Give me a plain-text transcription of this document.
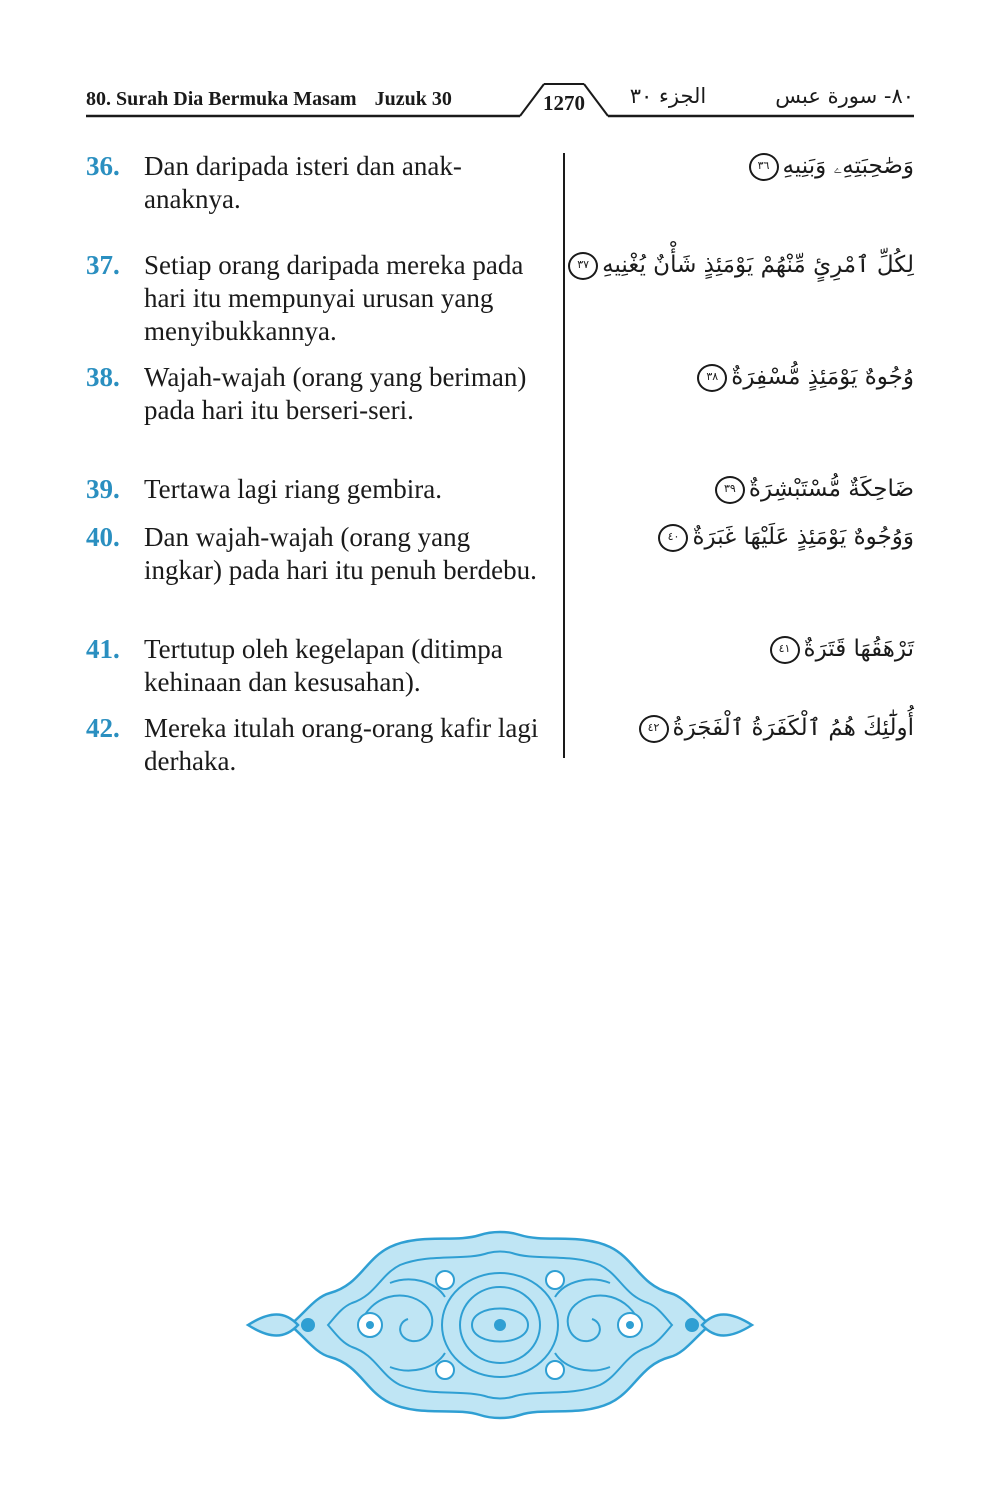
80. Surah Dia Bermuka Masam Juzuk 30	1270	الجزء ٣٠	٨٠- سورة عبس
36. Dan daripada isteri dan anak-anaknya.
وَصَٰحِبَتِهِۦ وَبَنِيهِ٣٦
37. Setiap orang daripada mereka pada hari itu mempunyai urusan yang menyibukkannya.
لِكُلِّ ٱمْرِئٍ مِّنْهُمْ يَوْمَئِذٍ شَأْنٌ يُغْنِيهِ٣٧
38. Wajah-wajah (orang yang beriman) pada hari itu berseri-seri.
وُجُوهٌ يَوْمَئِذٍ مُّسْفِرَةٌ٣٨
39. Tertawa lagi riang gembira.	ضَاحِكَةٌ مُّسْتَبْشِرَةٌ٣٩
40. Dan wajah-wajah (orang yang ingkar) pada hari itu penuh berdebu.
وَوُجُوهٌ يَوْمَئِذٍ عَلَيْهَا غَبَرَةٌ٤٠
41. Tertutup oleh kegelapan (ditimpa kehinaan dan kesusahan).
تَرْهَقُهَا قَتَرَةٌ٤١
42. Mereka itulah orang-orang kafir lagi derhaka.
أُولَٰٓئِكَ هُمُ ٱلْكَفَرَةُ ٱلْفَجَرَةُ٤٢
